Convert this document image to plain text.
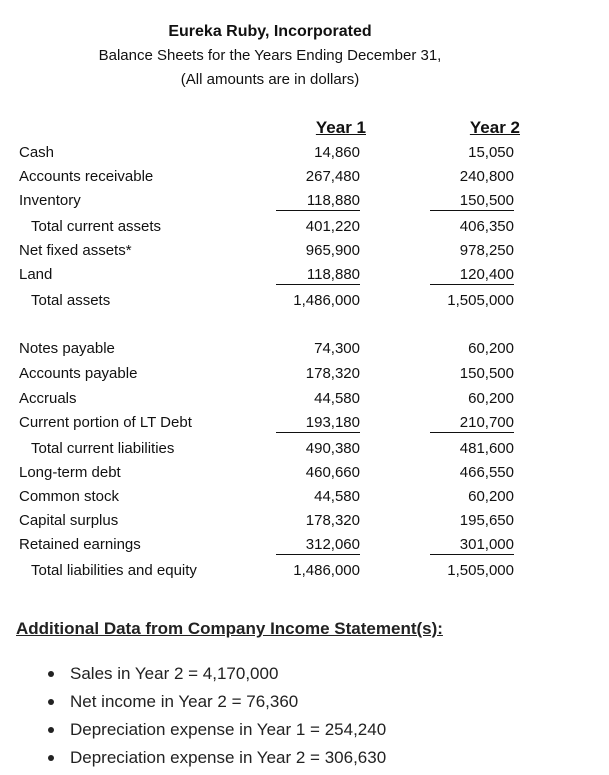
Eureka Ruby, Incorporated
Balance Sheets for the Years Ending December 31,
(All amounts are in dollars)
Year 1	Year 2
Cash	14,860	15,050
Accounts receivable	267,480	240,800
Inventory	118,880	150,500
Total current assets	401,220	406,350
Net fixed assets*	965,900	978,250
Land	118,880	120,400
Total assets	1,486,000	1,505,000
Notes payable	74,300	60,200
Accounts payable	178,320	150,500
Accruals	44,580	60,200
Current portion of LT Debt	193,180	210,700
Total current liabilities	490,380	481,600
Long-term debt	460,660	466,550
Common stock	44,580	60,200
Capital surplus	178,320	195,650
Retained earnings	312,060	301,000
Total liabilities and equity	1,486,000	1,505,000
Additional Data from Company Income Statement(s):
Sales in Year 2 = 4,170,000
Net income in Year 2 = 76,360
Depreciation expense in Year 1 = 254,240
Depreciation expense in Year 2 = 306,630
